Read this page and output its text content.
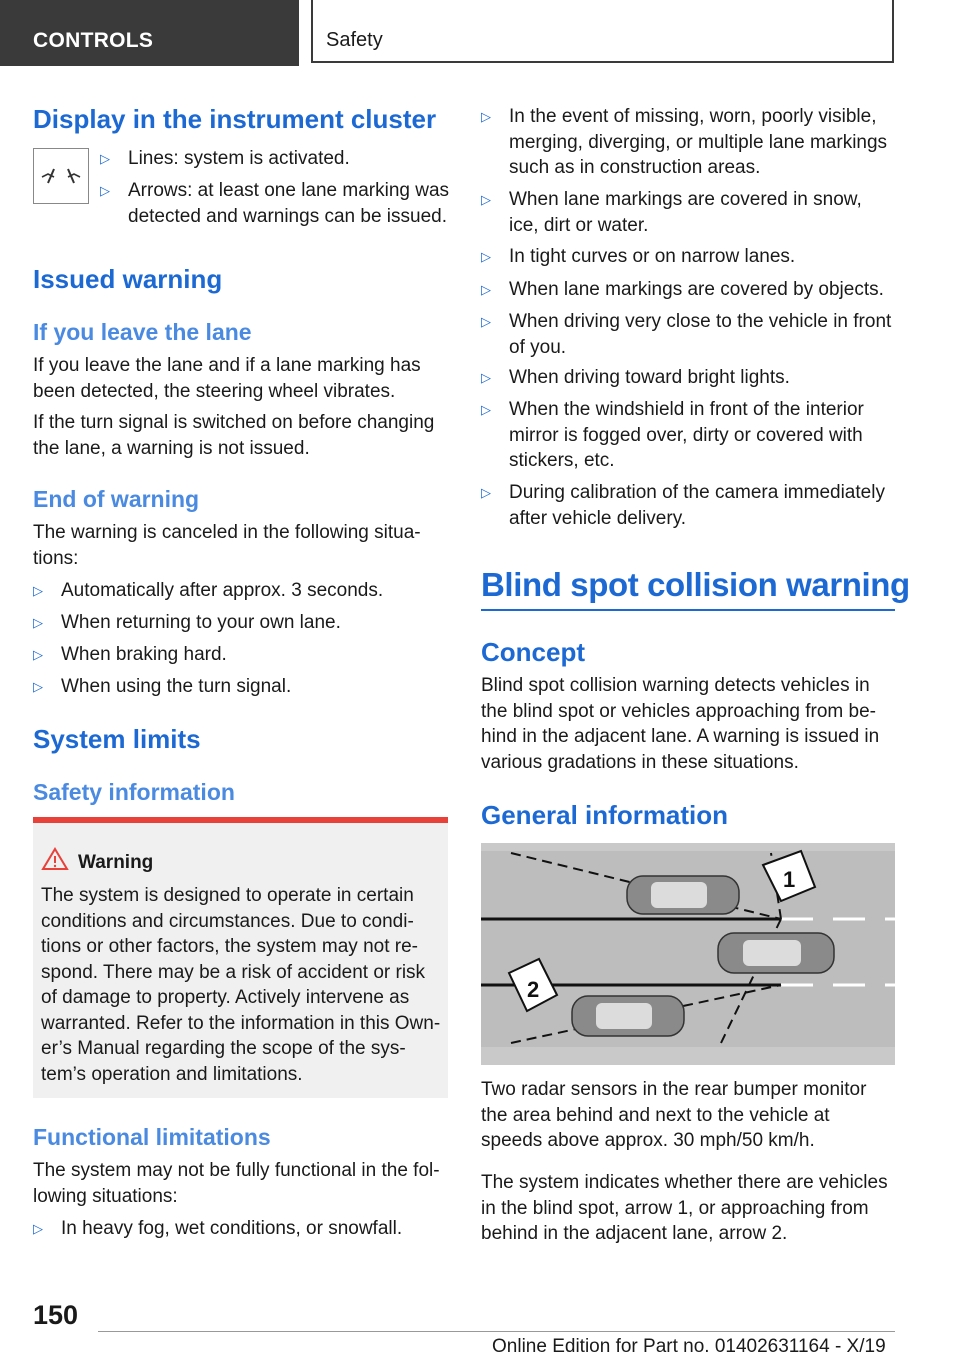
CONTROLS	Safety
Display in the instrument cluster
▷ Lines: system is activated.
▷ Arrows: at least one lane marking was detected and warnings can be issued.
Issued warning
If you leave the lane

If you leave the lane and if a lane marking has been detected, the steering wheel vibrates.

If the turn signal is switched on before changing the lane, a warning is not issued.

End of warning

The warning is canceled in the following situa‐tions:

▷ Automatically after approx. 3 seconds.
▷ When returning to your own lane.
▷ When braking hard.
▷ When using the turn signal.
System limits
Safety information
Warning
The system is designed to operate in certain conditions and circumstances. Due to condi‐tions or other factors, the system may not re‐spond. There may be a risk of accident or risk of damage to property. Actively intervene as warranted. Refer to the information in this Own‐er’s Manual regarding the scope of the sys‐tem’s operation and limitations.
Functional limitations

The system may not be fully functional in the fol‐lowing situations:

▷ In heavy fog, wet conditions, or snowfall.
▷ In the event of missing, worn, poorly visible, merging, diverging, or multiple lane markings such as in construction areas.
▷ When lane markings are covered in snow, ice, dirt or water.
▷ In tight curves or on narrow lanes.
▷ When lane markings are covered by objects.
▷ When driving very close to the vehicle in front of you.
▷ When driving toward bright lights.
▷ When the windshield in front of the interior mirror is fogged over, dirty or covered with stickers, etc.
▷ During calibration of the camera immediately after vehicle delivery.
Blind spot collision warning
Concept

Blind spot collision warning detects vehicles in the blind spot or vehicles approaching from be‐hind in the adjacent lane. A warning is issued in various gradations in these situations.

General information
1
2

Two radar sensors in the rear bumper monitor the area behind and next to the vehicle at speeds above approx. 30 mph/50 km/h.

The system indicates whether there are vehicles in the blind spot, arrow 1, or approaching from behind in the adjacent lane, arrow 2.

150
Online Edition for Part no. 01402631164 - X/19
